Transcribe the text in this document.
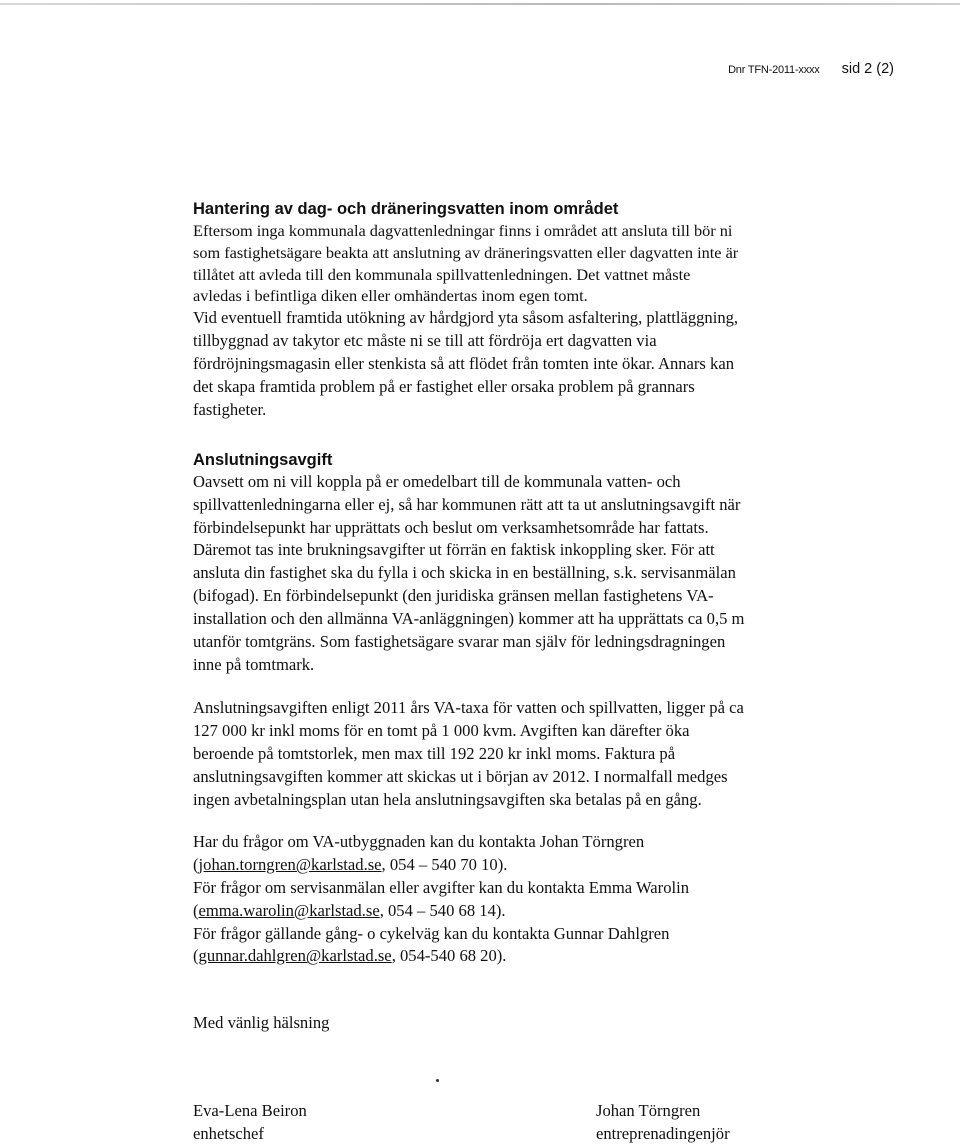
Dnr TFN-2011-xxxx sid 2 (2)
Hantering av dag- och dräneringsvatten inom området

Eftersom inga kommunala dagvattenledningar finns i området att ansluta till bör ni
som fastighetsägare beakta att anslutning av dräneringsvatten eller dagvatten inte är
tillåtet att avleda till den kommunala spillvattenledningen. Det vattnet måste
avledas i befintliga diken eller omhändertas inom egen tomt.

Vid eventuell framtida utökning av hårdgjord yta såsom asfaltering, plattläggning,
tillbyggnad av takytor etc måste ni se till att fördröja ert dagvatten via
fördröjningsmagasin eller stenkista så att flödet från tomten inte ökar. Annars kan
det skapa framtida problem på er fastighet eller orsaka problem på grannars
fastigheter.

Anslutningsavgift

Oavsett om ni vill koppla på er omedelbart till de kommunala vatten- och
spillvattenledningarna eller ej, så har kommunen rätt att ta ut anslutningsavgift när
förbindelsepunkt har upprättats och beslut om verksamhetsområde har fattats.
Däremot tas inte brukningsavgifter ut förrän en faktisk inkoppling sker. För att
ansluta din fastighet ska du fylla i och skicka in en beställning, s.k. servisanmälan
(bifogad). En förbindelsepunkt (den juridiska gränsen mellan fastighetens VA-
installation och den allmänna VA-anläggningen) kommer att ha upprättats ca 0,5 m
utanför tomtgräns. Som fastighetsägare svarar man själv för ledningsdragningen
inne på tomtmark.

Anslutningsavgiften enligt 2011 års VA-taxa för vatten och spillvatten, ligger på ca
127 000 kr inkl moms för en tomt på 1 000 kvm. Avgiften kan därefter öka
beroende på tomtstorlek, men max till 192 220 kr inkl moms. Faktura på
anslutningsavgiften kommer att skickas ut i början av 2012. I normalfall medges
ingen avbetalningsplan utan hela anslutningsavgiften ska betalas på en gång.

Har du frågor om VA-utbyggnaden kan du kontakta Johan Törngren
(johan.torngren@karlstad.se, 054 – 540 70 10).
För frågor om servisanmälan eller avgifter kan du kontakta Emma Warolin
(emma.warolin@karlstad.se, 054 – 540 68 14).
För frågor gällande gång- o cykelväg kan du kontakta Gunnar Dahlgren
(gunnar.dahlgren@karlstad.se, 054-540 68 20).

Med vänlig hälsning

Eva-Lena Beiron
enhetschef
Johan Törngren
entreprenadingenjör
